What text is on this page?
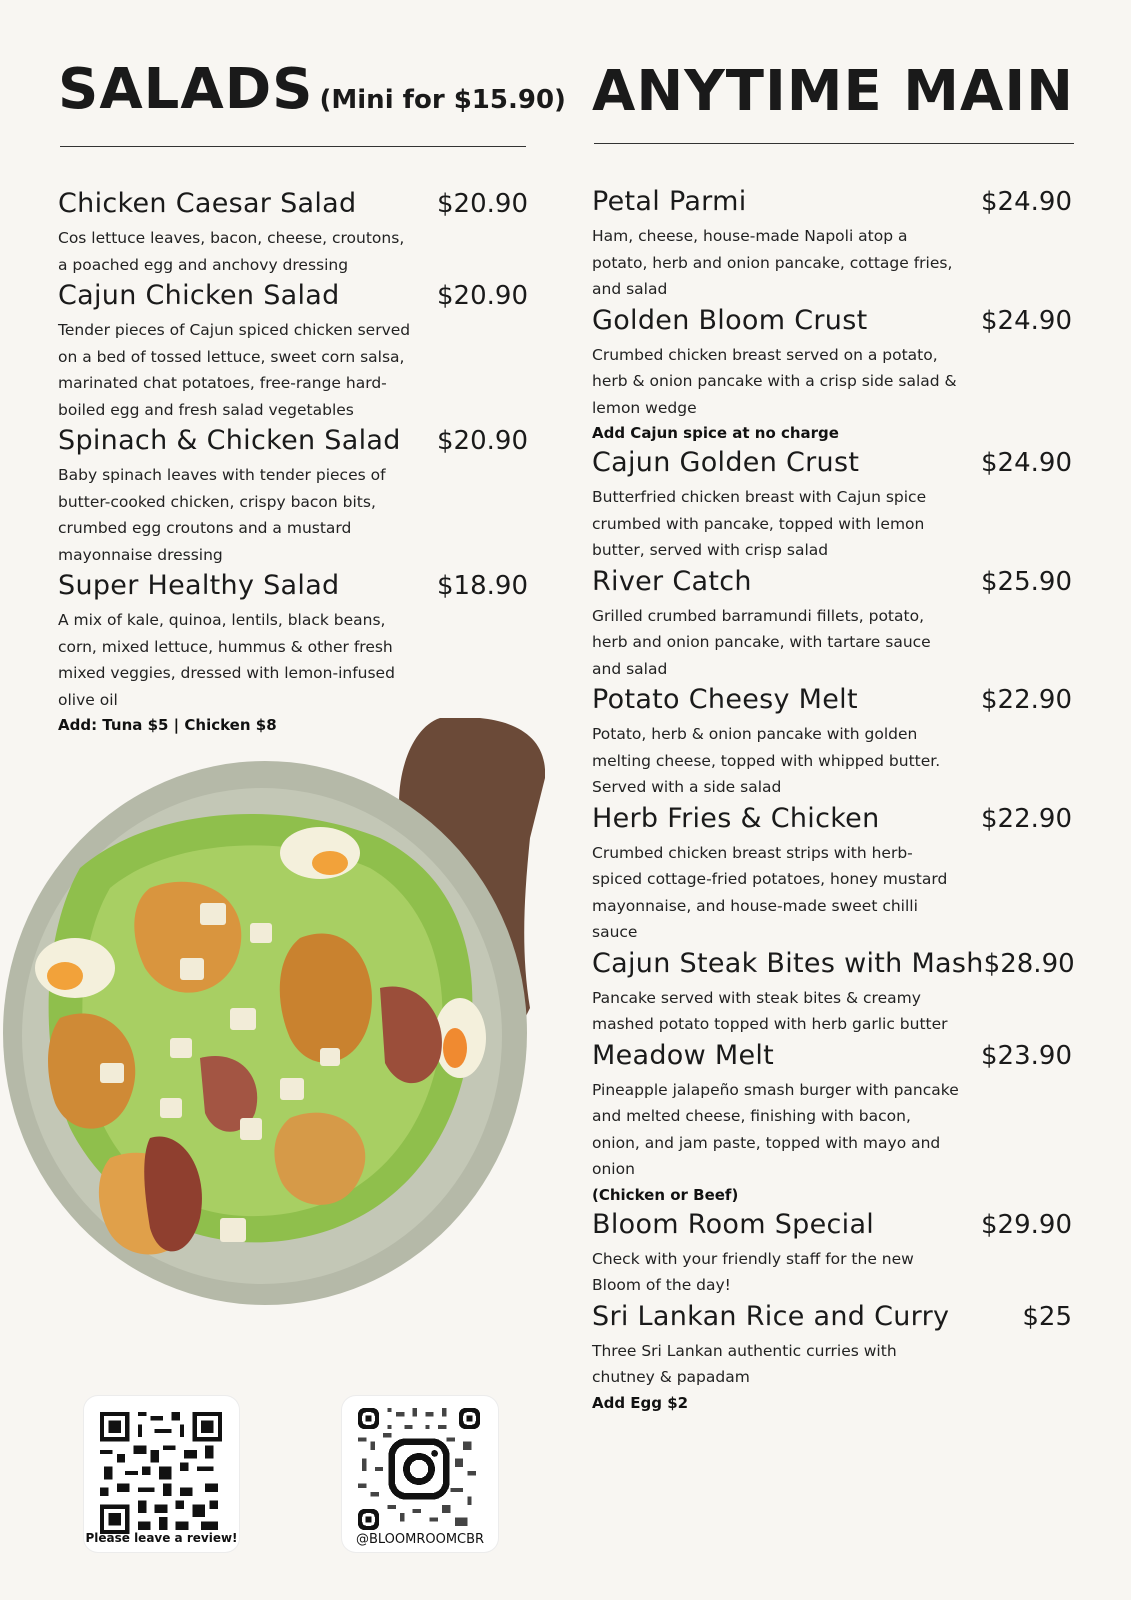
SALADS (Mini for $15.90)
Chicken Caesar Salad	$20.90
Cos lettuce leaves, bacon, cheese, croutons, a poached egg and anchovy dressing
Cajun Chicken Salad	$20.90
Tender pieces of Cajun spiced chicken served on a bed of tossed lettuce, sweet corn salsa, marinated chat potatoes, free-range hard-boiled egg and fresh salad vegetables
Spinach & Chicken Salad $20.90
Baby spinach leaves with tender pieces of butter-cooked chicken, crispy bacon bits, crumbed egg croutons and a mustard mayonnaise dressing
Super Healthy Salad	$18.90
A mix of kale, quinoa, lentils, black beans, corn, mixed lettuce, hummus & other fresh mixed veggies, dressed with lemon-infused olive oil
Add: Tuna $5 | Chicken $8
Please leave a review!	@BLOOMROOMCBR
ANYTIME MAIN
Petal Parmi	$24.90
Ham, cheese, house-made Napoli atop a potato, herb and onion pancake, cottage fries, and salad
Golden Bloom Crust	$24.90
Crumbed chicken breast served on a potato, herb & onion pancake with a crisp side salad & lemon wedge
Add Cajun spice at no charge
Cajun Golden Crust	$24.90
Butterfried chicken breast with Cajun spice crumbed with pancake, topped with lemon butter, served with crisp salad
River Catch	$25.90
Grilled crumbed barramundi fillets, potato, herb and onion pancake, with tartare sauce and salad
Potato Cheesy Melt	$22.90
Potato, herb & onion pancake with golden melting cheese, topped with whipped butter. Served with a side salad
Herb Fries & Chicken	$22.90
Crumbed chicken breast strips with herb-spiced cottage-fried potatoes, honey mustard mayonnaise, and house-made sweet chilli sauce
Cajun Steak Bites with Mash $28.90
Pancake served with steak bites & creamy mashed potato topped with herb garlic butter
Meadow Melt	$23.90
Pineapple jalapeño smash burger with pancake and melted cheese, finishing with bacon, onion, and jam paste, topped with mayo and onion
(Chicken or Beef)
Bloom Room Special	$29.90
Check with your friendly staff for the new Bloom of the day!
Sri Lankan Rice and Curry	$25
Three Sri Lankan authentic curries with chutney & papadam
Add Egg $2
